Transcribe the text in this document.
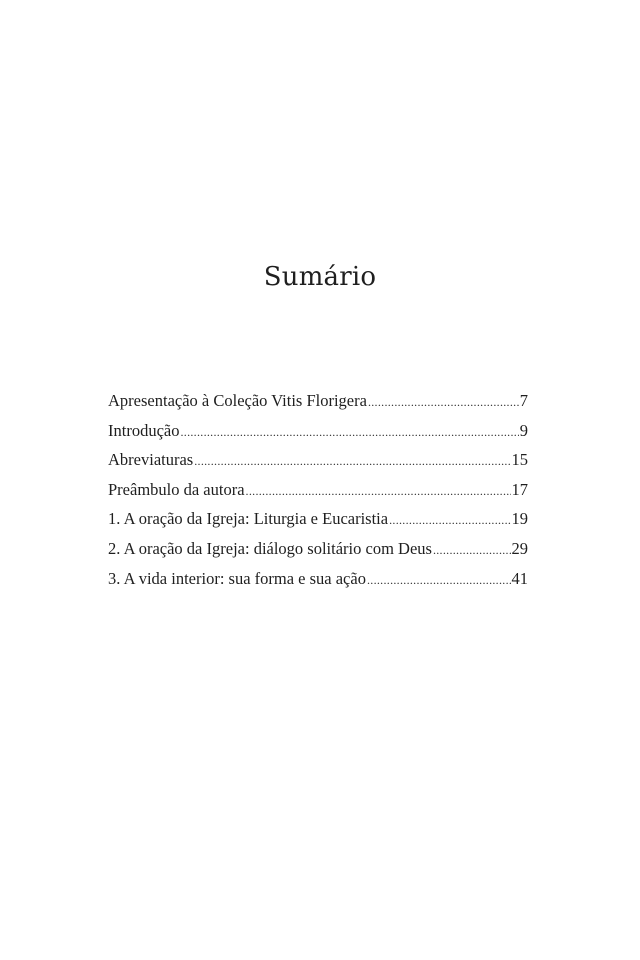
Sumário
Apresentação à Coleção Vitis Florigera .....	7
Introdução .....	9
Abreviaturas .....	15
Preâmbulo da autora .....	17
1. A oração da Igreja: Liturgia e Eucaristia .....	19
2. A oração da Igreja: diálogo solitário com Deus .....	29
3. A vida interior: sua forma e sua ação .....	41
